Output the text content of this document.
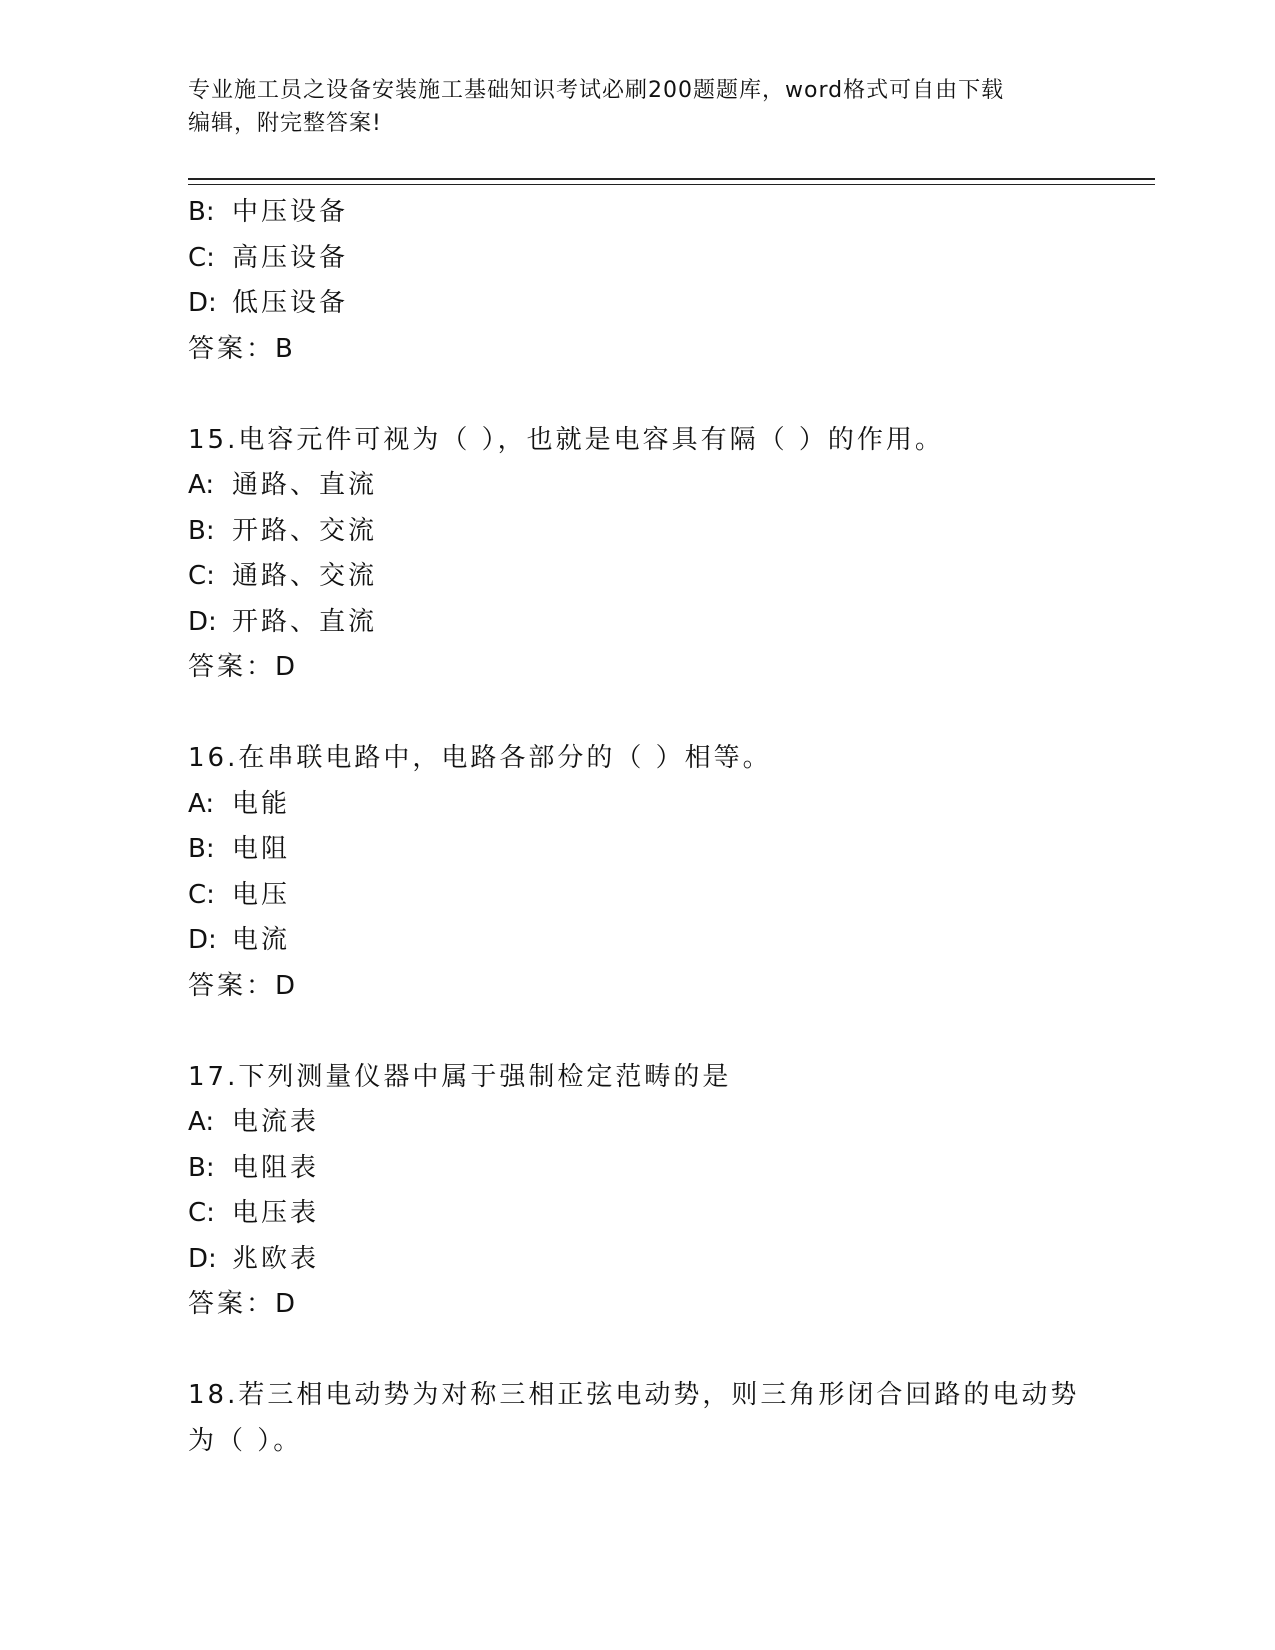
专业施工员之设备安装施工基础知识考试必刷200题题库，word格式可自由下载
编辑，附完整答案!
B: 中压设备
C: 高压设备
D: 低压设备
答案：B
15.电容元件可视为（ ），也就是电容具有隔（ ）的作用。
A: 通路、直流
B: 开路、交流
C: 通路、交流
D: 开路、直流
答案：D
16.在串联电路中，电路各部分的（ ）相等。
A: 电能
B: 电阻
C: 电压
D: 电流
答案：D
17.下列测量仪器中属于强制检定范畴的是
A: 电流表
B: 电阻表
C: 电压表
D: 兆欧表
答案：D
18.若三相电动势为对称三相正弦电动势，则三角形闭合回路的电动势
为（ ）。
